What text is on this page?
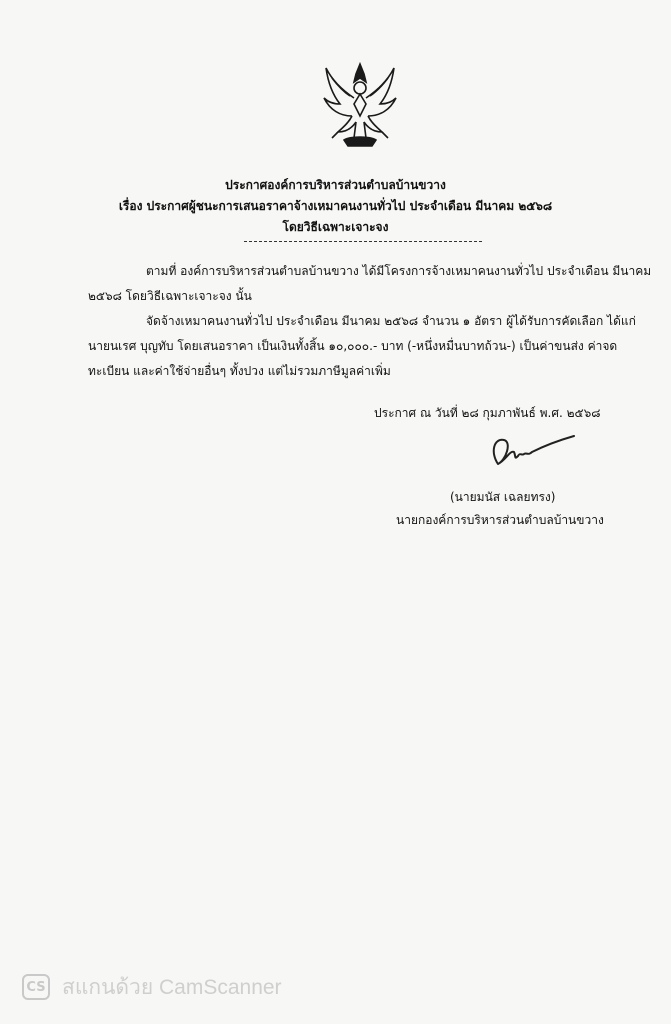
ประกาศองค์การบริหารส่วนตำบลบ้านขวาง
เรื่อง ประกาศผู้ชนะการเสนอราคาจ้างเหมาคนงานทั่วไป ประจำเดือน มีนาคม ๒๕๖๘
โดยวิธีเฉพาะเจาะจง
ตามที่ องค์การบริหารส่วนตำบลบ้านขวาง ได้มีโครงการจ้างเหมาคนงานทั่วไป ประจำเดือน มีนาคม
๒๕๖๘ โดยวิธีเฉพาะเจาะจง นั้น
จัดจ้างเหมาคนงานทั่วไป ประจำเดือน มีนาคม ๒๕๖๘ จำนวน ๑ อัตรา ผู้ได้รับการคัดเลือก ได้แก่
นายนเรศ บุญทับ โดยเสนอราคา เป็นเงินทั้งสิ้น ๑๐,๐๐๐.- บาท (-หนึ่งหมื่นบาทถ้วน-) เป็นค่าขนส่ง ค่าจด
ทะเบียน และค่าใช้จ่ายอื่นๆ ทั้งปวง แต่ไม่รวมภาษีมูลค่าเพิ่ม
ประกาศ ณ วันที่ ๒๘ กุมภาพันธ์ พ.ศ. ๒๕๖๘
(นายมนัส เฉลยทรง)
นายกองค์การบริหารส่วนตำบลบ้านขวาง
CS สแกนด้วย CamScanner
